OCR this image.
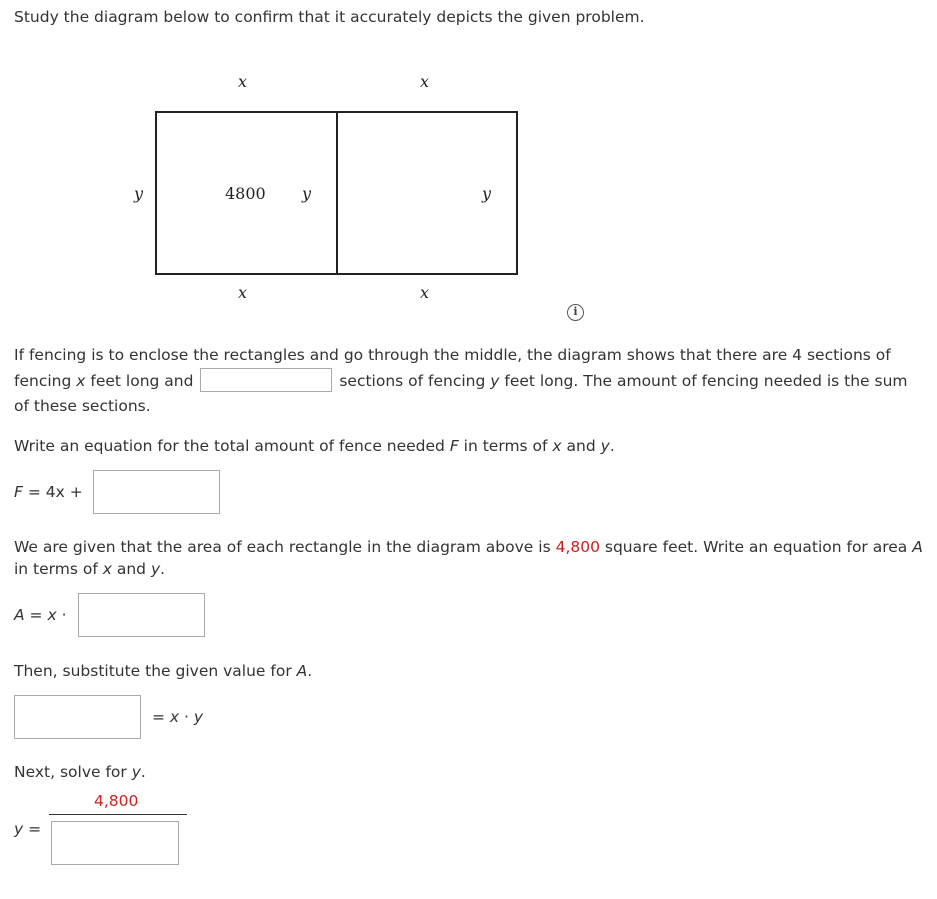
Study the diagram below to confirm that it accurately depicts the given problem.
x	x
y	4800 y	y
x	x
i
If fencing is to enclose the rectangles and go through the middle, the diagram shows that there are 4 sections of fencing x feet long and	sections of fencing y feet long. The amount of fencing needed is the sum of these sections.
Write an equation for the total amount of fence needed F in terms of x and y.
F = 4x +
We are given that the area of each rectangle in the diagram above is 4,800 square feet. Write an equation for area A in terms of x and y.
A = x ·
Then, substitute the given value for A.
= x · y
Next, solve for y.
4,800
y =
